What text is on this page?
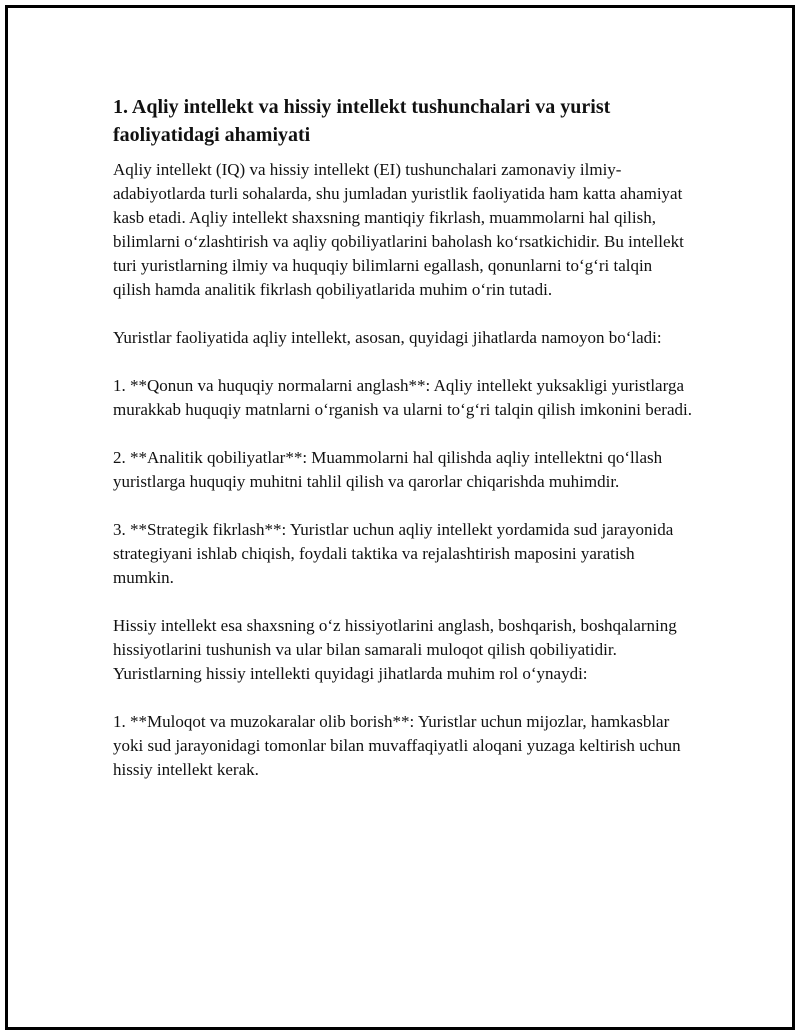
1. Aqliy intellekt va hissiy intellekt tushunchalari va yurist faoliyatidagi ahamiyati

Aqliy intellekt (IQ) va hissiy intellekt (EI) tushunchalari zamonaviy ilmiy-adabiyotlarda turli sohalarda, shu jumladan yuristlik faoliyatida ham katta ahamiyat kasb etadi. Aqliy intellekt shaxsning mantiqiy fikrlash, muammolarni hal qilish, bilimlarni o‘zlashtirish va aqliy qobiliyatlarini baholash ko‘rsatkichidir. Bu intellekt turi yuristlarning ilmiy va huquqiy bilimlarni egallash, qonunlarni to‘g‘ri talqin qilish hamda analitik fikrlash qobiliyatlarida muhim o‘rin tutadi.

Yuristlar faoliyatida aqliy intellekt, asosan, quyidagi jihatlarda namoyon bo‘ladi:

1. **Qonun va huquqiy normalarni anglash**: Aqliy intellekt yuksakligi yuristlarga murakkab huquqiy matnlarni o‘rganish va ularni to‘g‘ri talqin qilish imkonini beradi.

2. **Analitik qobiliyatlar**: Muammolarni hal qilishda aqliy intellektni qo‘llash yuristlarga huquqiy muhitni tahlil qilish va qarorlar chiqarishda muhimdir.

3. **Strategik fikrlash**: Yuristlar uchun aqliy intellekt yordamida sud jarayonida strategiyani ishlab chiqish, foydali taktika va rejalashtirish maposini yaratish mumkin.

Hissiy intellekt esa shaxsning o‘z hissiyotlarini anglash, boshqarish, boshqalarning hissiyotlarini tushunish va ular bilan samarali muloqot qilish qobiliyatidir. Yuristlarning hissiy intellekti quyidagi jihatlarda muhim rol o‘ynaydi:

1. **Muloqot va muzokaralar olib borish**: Yuristlar uchun mijozlar, hamkasblar yoki sud jarayonidagi tomonlar bilan muvaffaqiyatli aloqani yuzaga keltirish uchun hissiy intellekt kerak.
